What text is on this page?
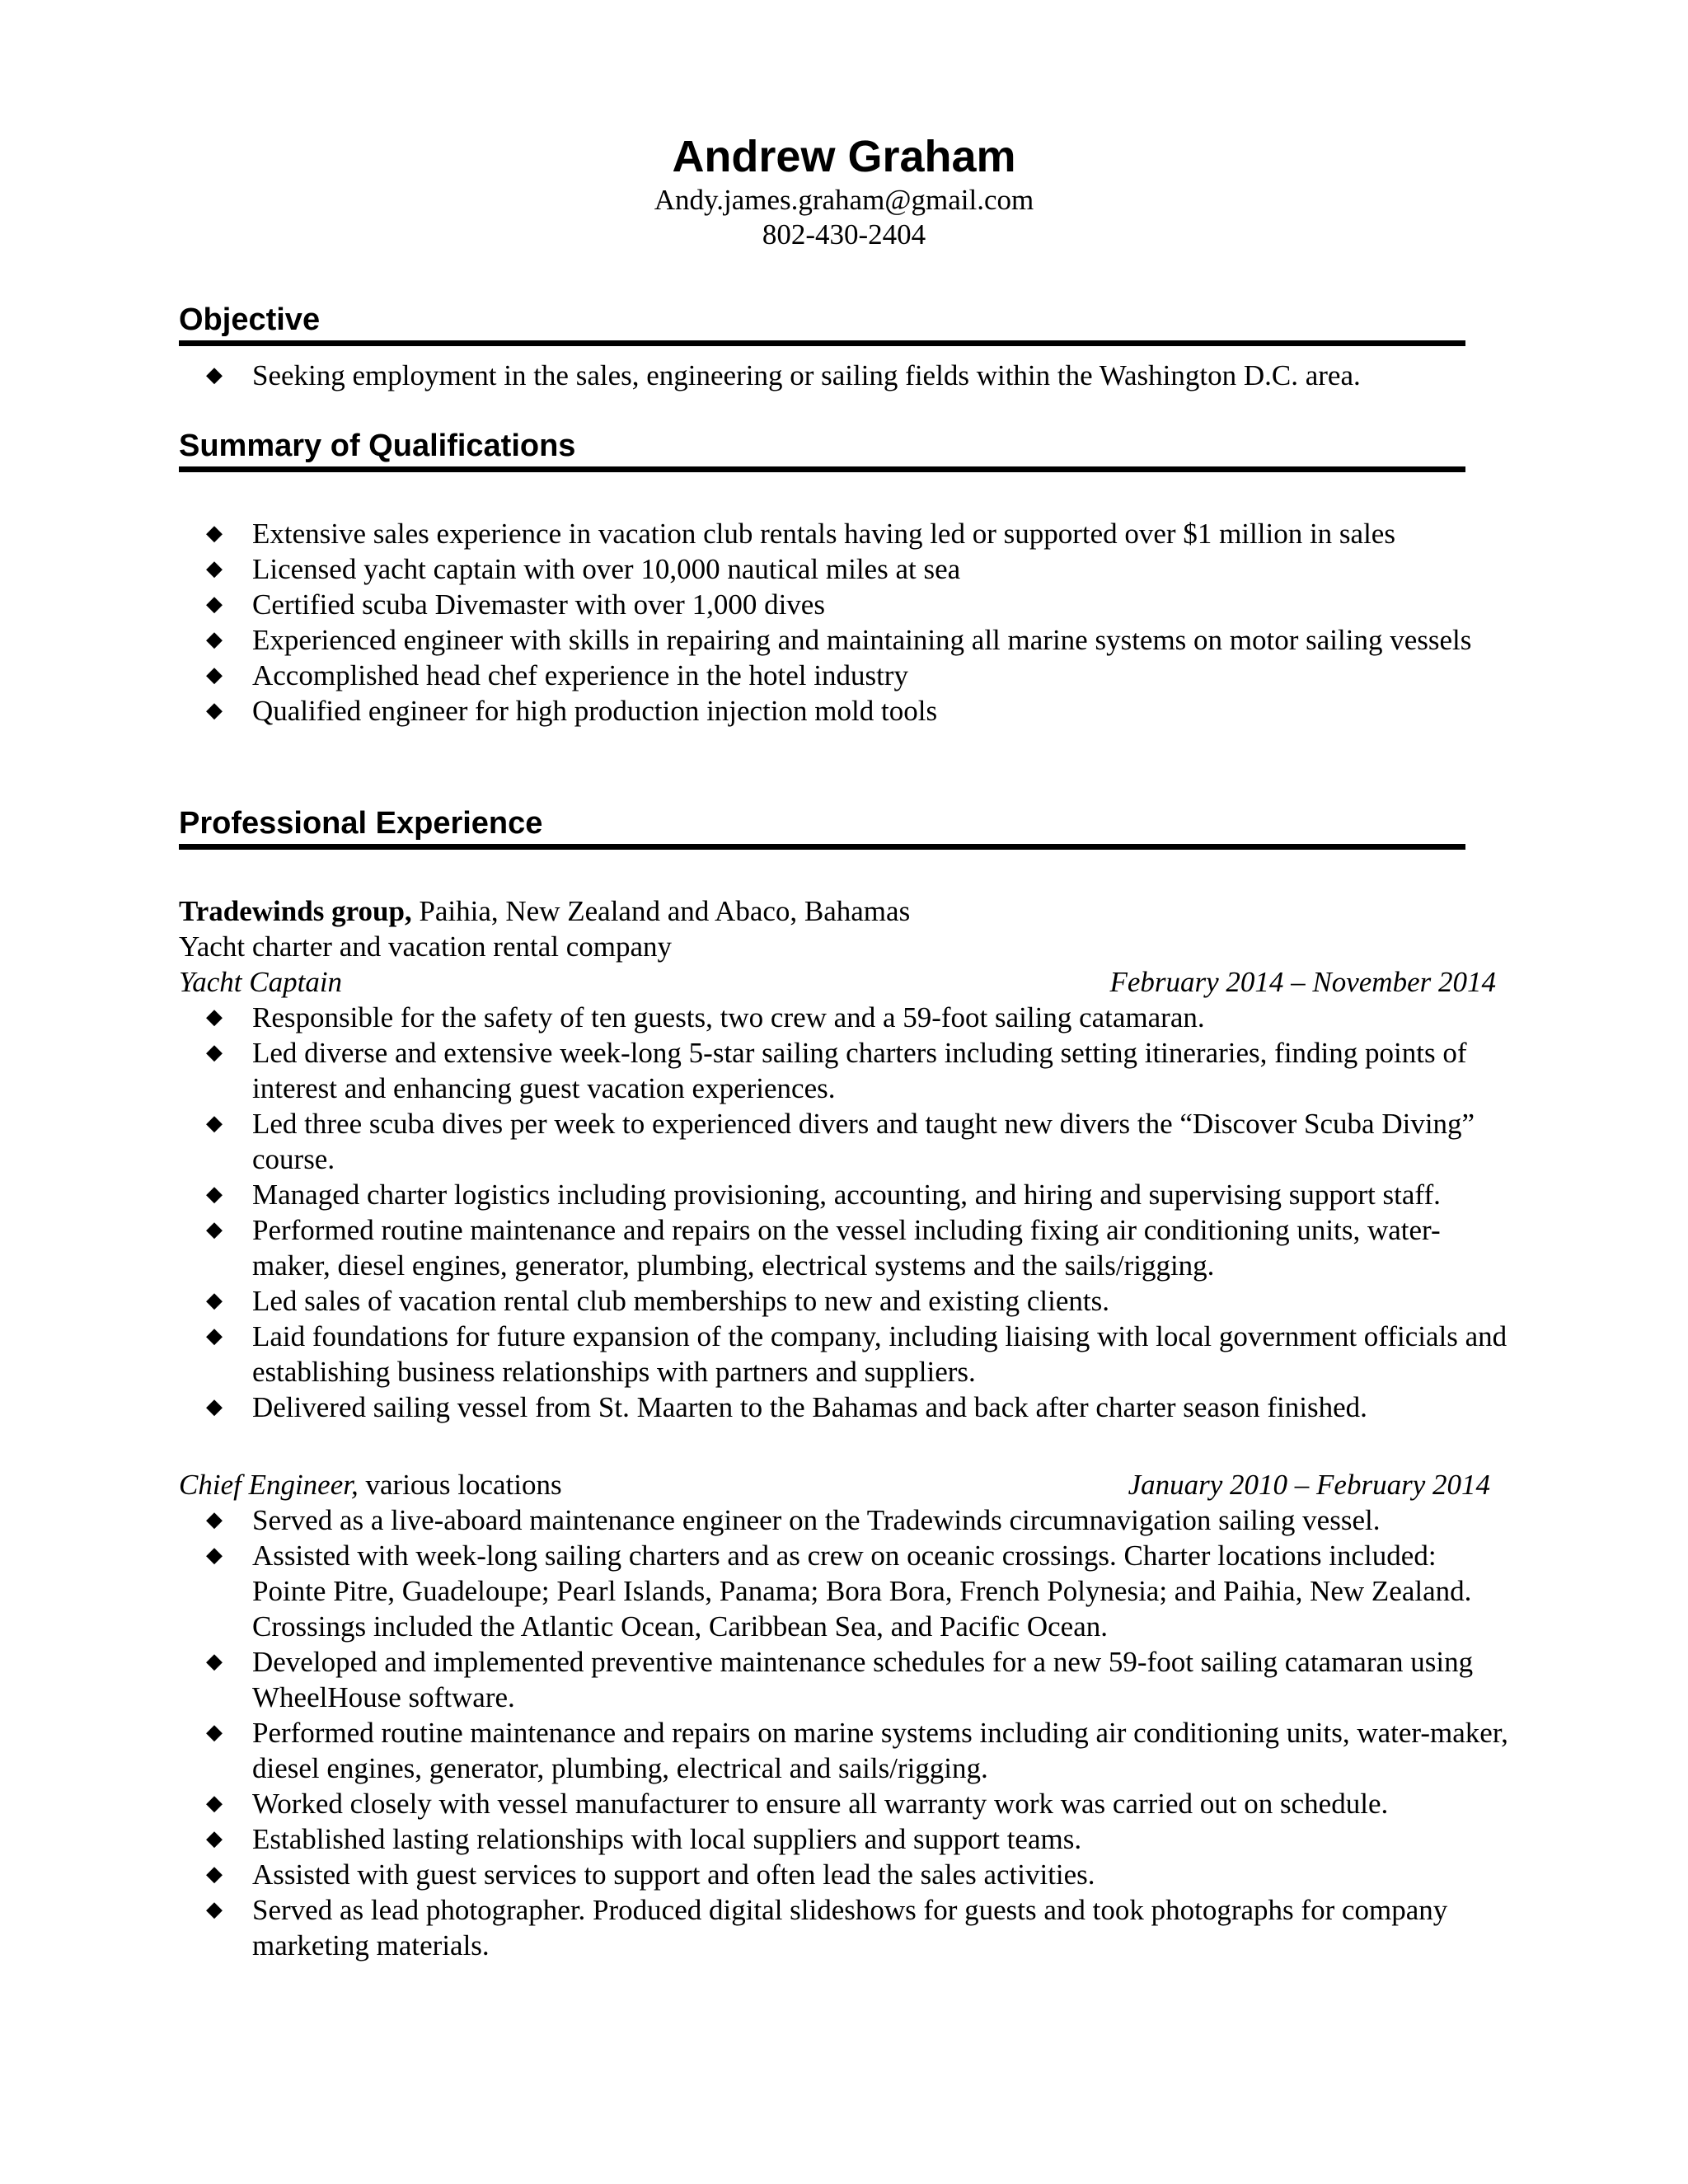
Andrew Graham
Andy.james.graham@gmail.com
802-430-2404
Objective
◆ Seeking employment in the sales, engineering or sailing fields within the Washington D.C. area.
Summary of Qualifications
◆ Extensive sales experience in vacation club rentals having led or supported over $1 million in sales
◆ Licensed yacht captain with over 10,000 nautical miles at sea
◆ Certified scuba Divemaster with over 1,000 dives
◆ Experienced engineer with skills in repairing and maintaining all marine systems on motor sailing vessels
◆ Accomplished head chef experience in the hotel industry
◆ Qualified engineer for high production injection mold tools
Professional Experience
Tradewinds group, Paihia, New Zealand and Abaco, Bahamas
Yacht charter and vacation rental company
Yacht Captain	February 2014 – November 2014
◆ Responsible for the safety of ten guests, two crew and a 59-foot sailing catamaran.
◆ Led diverse and extensive week-long 5-star sailing charters including setting itineraries, finding points of interest and enhancing guest vacation experiences.
◆ Led three scuba dives per week to experienced divers and taught new divers the “Discover Scuba Diving” course.
◆ Managed charter logistics including provisioning, accounting, and hiring and supervising support staff.
◆ Performed routine maintenance and repairs on the vessel including fixing air conditioning units, water-maker, diesel engines, generator, plumbing, electrical systems and the sails/rigging.
◆ Led sales of vacation rental club memberships to new and existing clients.
◆ Laid foundations for future expansion of the company, including liaising with local government officials and establishing business relationships with partners and suppliers.
◆ Delivered sailing vessel from St. Maarten to the Bahamas and back after charter season finished.
Chief Engineer, various locations	January 2010 – February 2014
◆ Served as a live-aboard maintenance engineer on the Tradewinds circumnavigation sailing vessel.
◆ Assisted with week-long sailing charters and as crew on oceanic crossings. Charter locations included: Pointe Pitre, Guadeloupe; Pearl Islands, Panama; Bora Bora, French Polynesia; and Paihia, New Zealand. Crossings included the Atlantic Ocean, Caribbean Sea, and Pacific Ocean.
◆ Developed and implemented preventive maintenance schedules for a new 59-foot sailing catamaran using WheelHouse software.
◆ Performed routine maintenance and repairs on marine systems including air conditioning units, water-maker, diesel engines, generator, plumbing, electrical and sails/rigging.
◆ Worked closely with vessel manufacturer to ensure all warranty work was carried out on schedule.
◆ Established lasting relationships with local suppliers and support teams.
◆ Assisted with guest services to support and often lead the sales activities.
◆ Served as lead photographer. Produced digital slideshows for guests and took photographs for company marketing materials.
